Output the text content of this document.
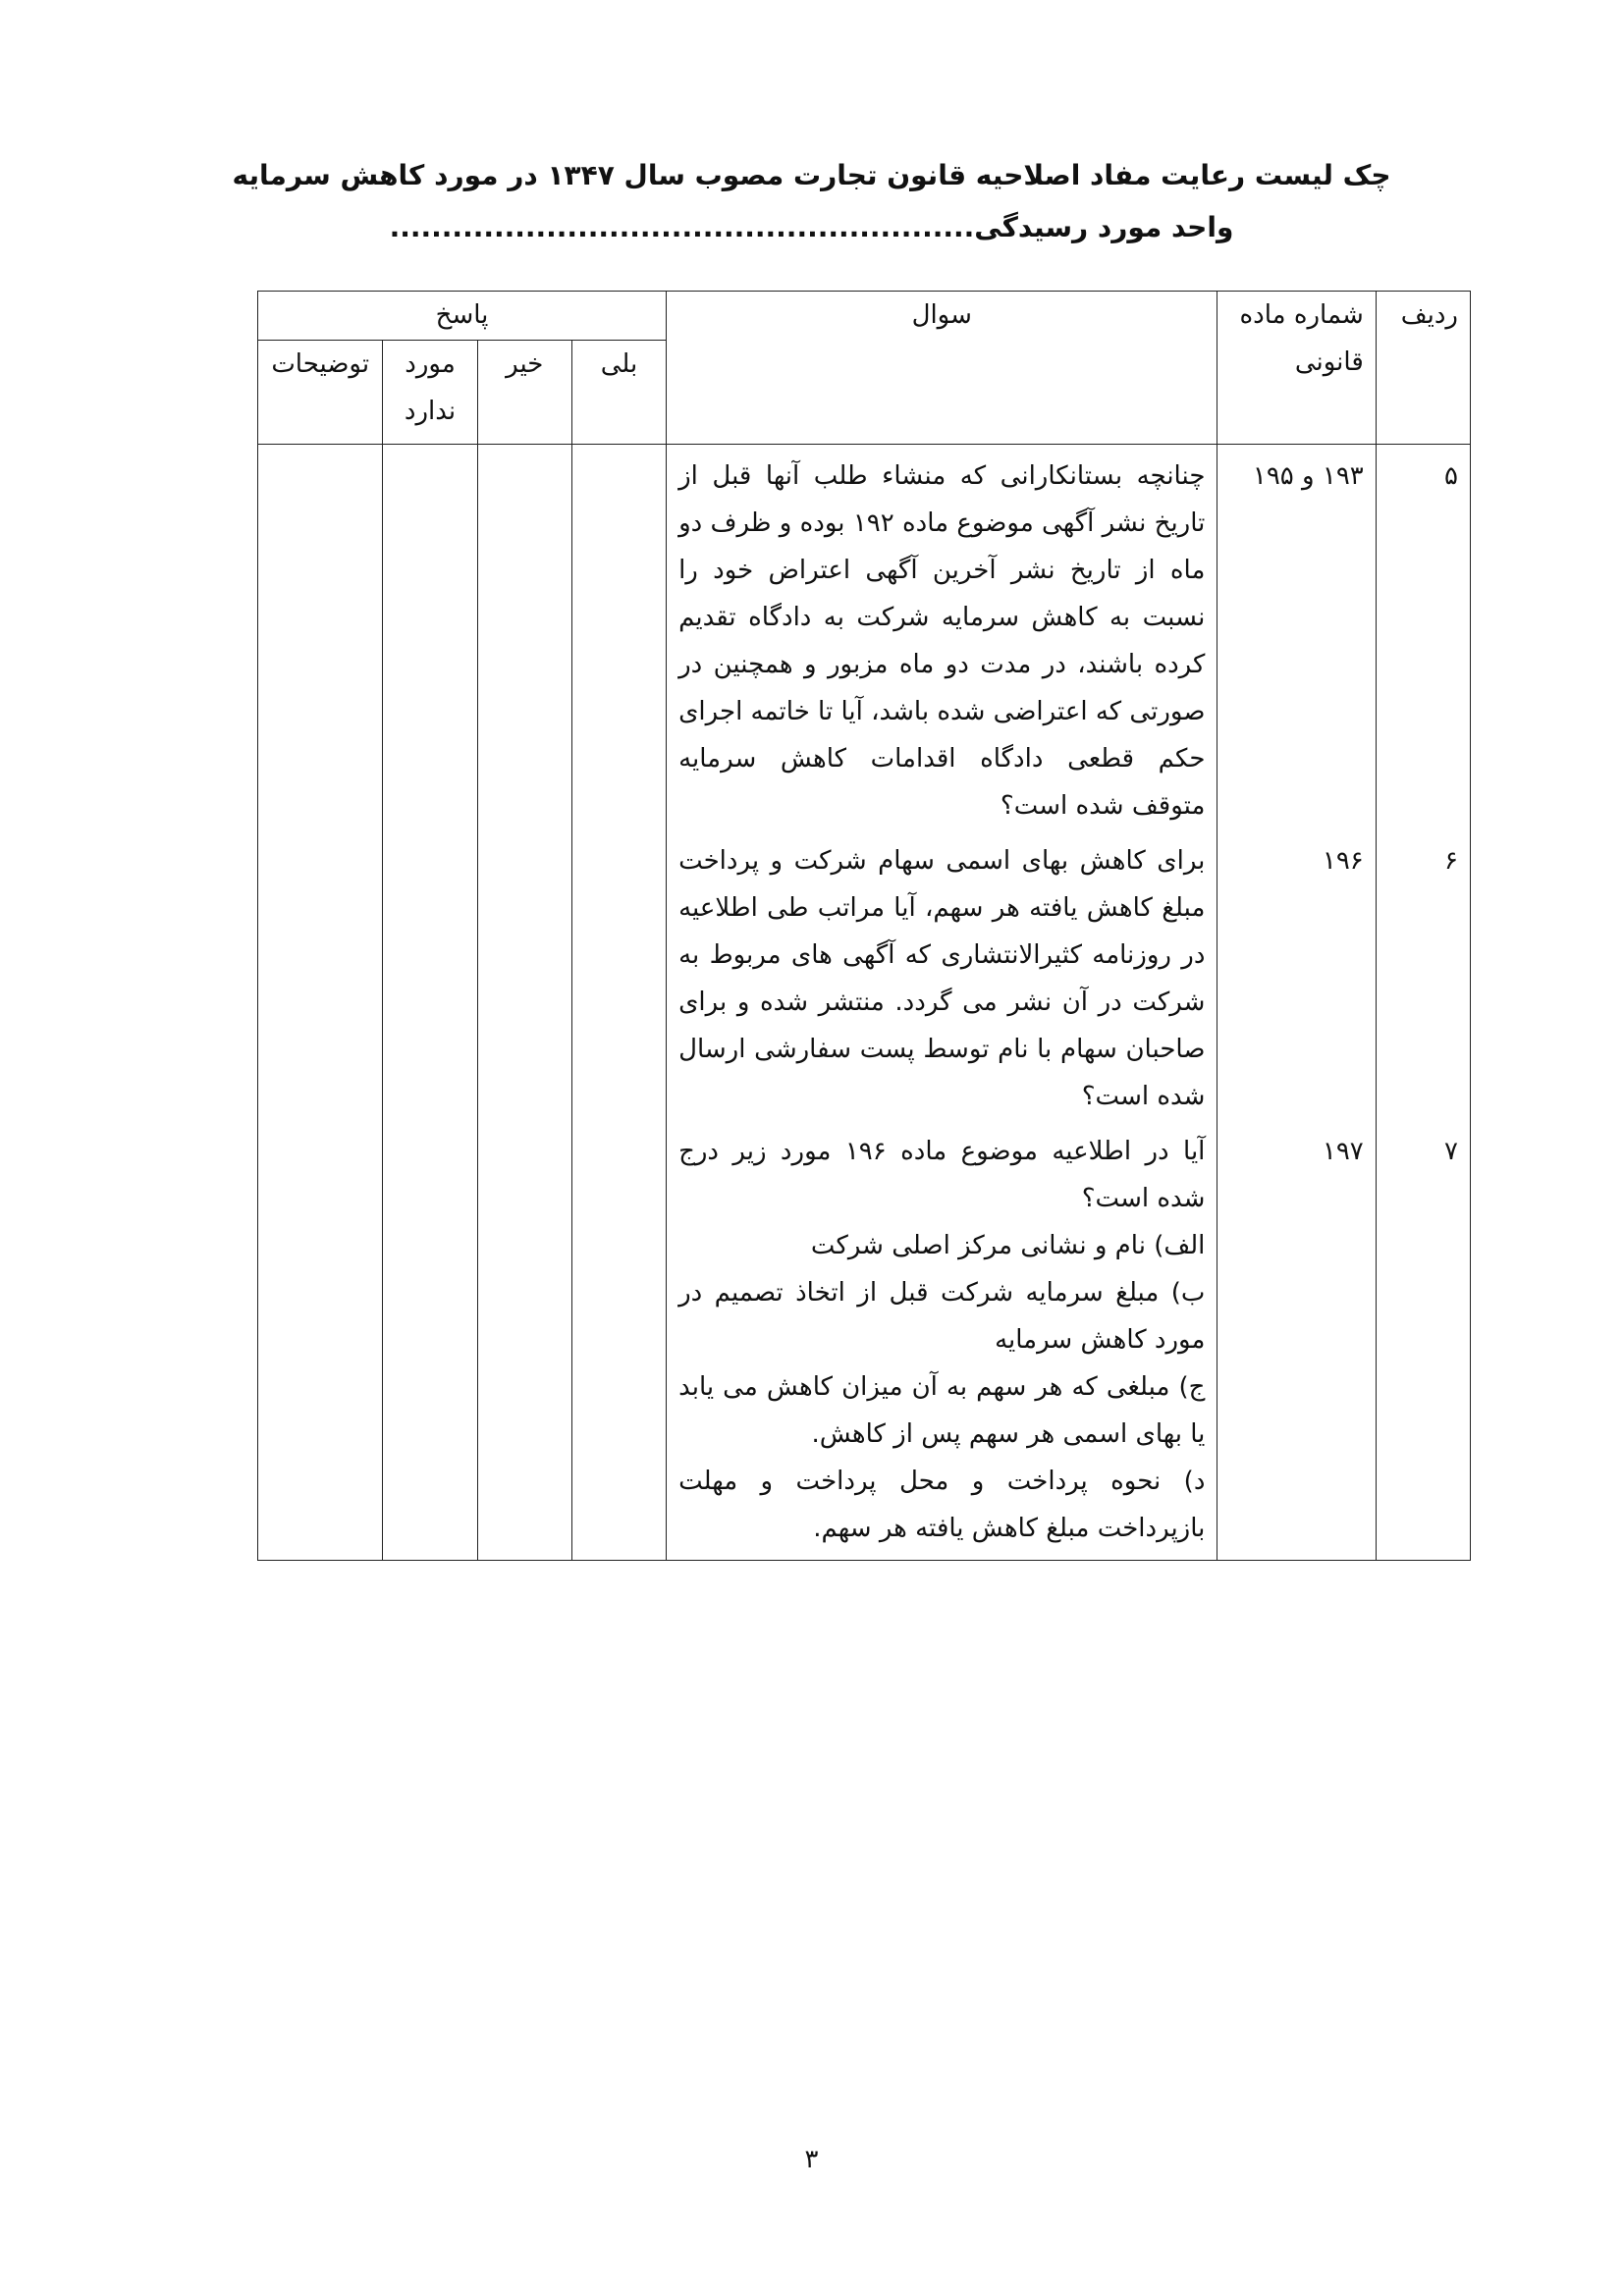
چک لیست رعایت مفاد اصلاحیه قانون تجارت مصوب سال ۱۳۴۷ در مورد کاهش سرمایه
واحد مورد رسیدگی........................................................
ردیف	شماره ماده قانونی	سوال	پاسخ			
			بلی	خیر	مورد ندارد	توضیحات
۵	۱۹۳ و ۱۹۵	چنانچه بستانکارانی که منشاء طلب آنها قبل از تاریخ نشر آگهی موضوع ماده ۱۹۲ بوده و ظرف دو ماه از تاریخ نشر آخرین آگهی اعتراض خود را نسبت به کاهش سرمایه شرکت به دادگاه تقدیم کرده باشند، در مدت دو ماه مزبور و همچنین در صورتی که اعتراضی شده باشد، آیا تا خاتمه اجرای حکم قطعی دادگاه اقدامات کاهش سرمایه متوقف شده است؟				
۶	۱۹۶	برای کاهش بهای اسمی سهام شرکت و پرداخت مبلغ کاهش یافته هر سهم، آیا مراتب طی اطلاعیه در روزنامه کثیرالانتشاری که آگهی های مربوط به شرکت در آن نشر می گردد. منتشر شده و برای صاحبان سهام با نام توسط پست سفارشی ارسال شده است؟				
۷	۱۹۷	آیا در اطلاعیه موضوع ماده ۱۹۶ مورد زیر درج شده است؟
الف) نام و نشانی مرکز اصلی شرکت
ب) مبلغ سرمایه شرکت قبل از اتخاذ تصمیم در مورد کاهش سرمایه
ج) مبلغی که هر سهم به آن میزان کاهش می یابد یا بهای اسمی هر سهم پس از کاهش.
د) نحوه پرداخت و محل پرداخت و مهلت بازپرداخت مبلغ کاهش یافته هر سهم.				

۳
